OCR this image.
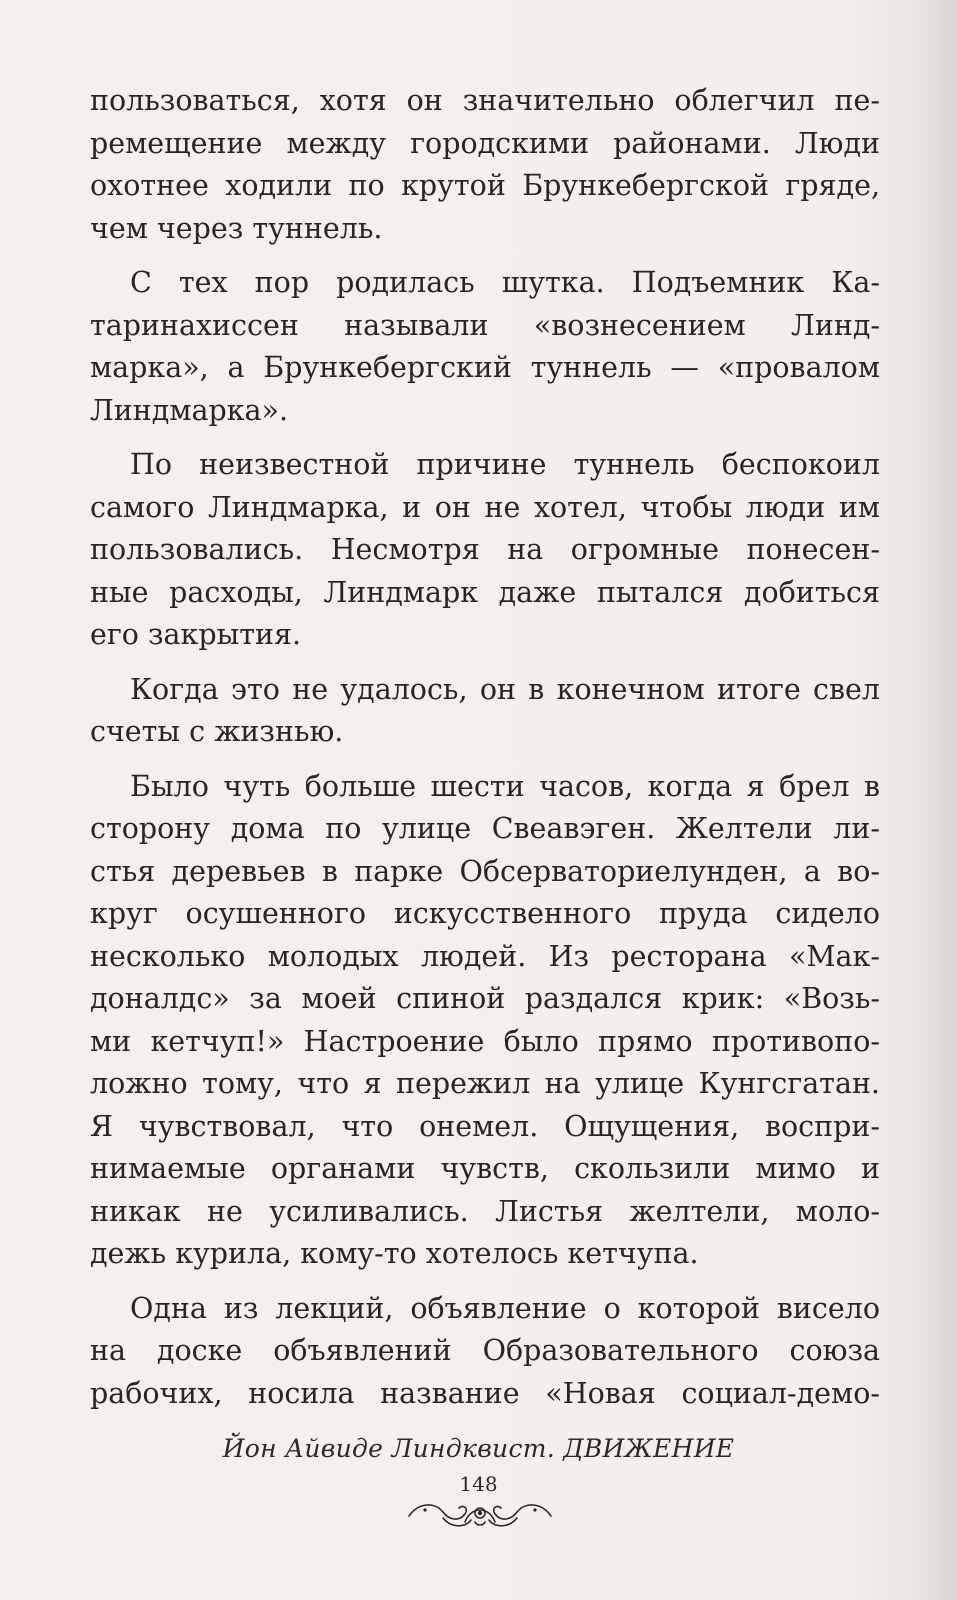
пользоваться, хотя он значительно облегчил пе-
ремещение между городскими районами. Люди
охотнее ходили по крутой Брункебергской гряде,
чем через туннель.
С тех пор родилась шутка. Подъемник Ка-
таринахиссен называли «вознесением Линд-
марка», а Брункебергский туннель — «провалом
Линдмарка».
По неизвестной причине туннель беспокоил
самого Линдмарка, и он не хотел, чтобы люди им
пользовались. Несмотря на огромные понесен-
ные расходы, Линдмарк даже пытался добиться
его закрытия.
Когда это не удалось, он в конечном итоге свел
счеты с жизнью.
Было чуть больше шести часов, когда я брел в
сторону дома по улице Свеавэген. Желтели ли-
стья деревьев в парке Обсерваториелунден, а во-
круг осушенного искусственного пруда сидело
несколько молодых людей. Из ресторана «Мак-
доналдс» за моей спиной раздался крик: «Возь-
ми кетчуп!» Настроение было прямо противопо-
ложно тому, что я пережил на улице Кунгсгатан.
Я чувствовал, что онемел. Ощущения, воспри-
нимаемые органами чувств, скользили мимо и
никак не усиливались. Листья желтели, моло-
дежь курила, кому-то хотелось кетчупа.
Одна из лекций, объявление о которой висело
на доске объявлений Образовательного союза
рабочих, носила название «Новая социал-демо-
Йон Айвиде Линдквист. ДВИЖЕНИЕ
148
